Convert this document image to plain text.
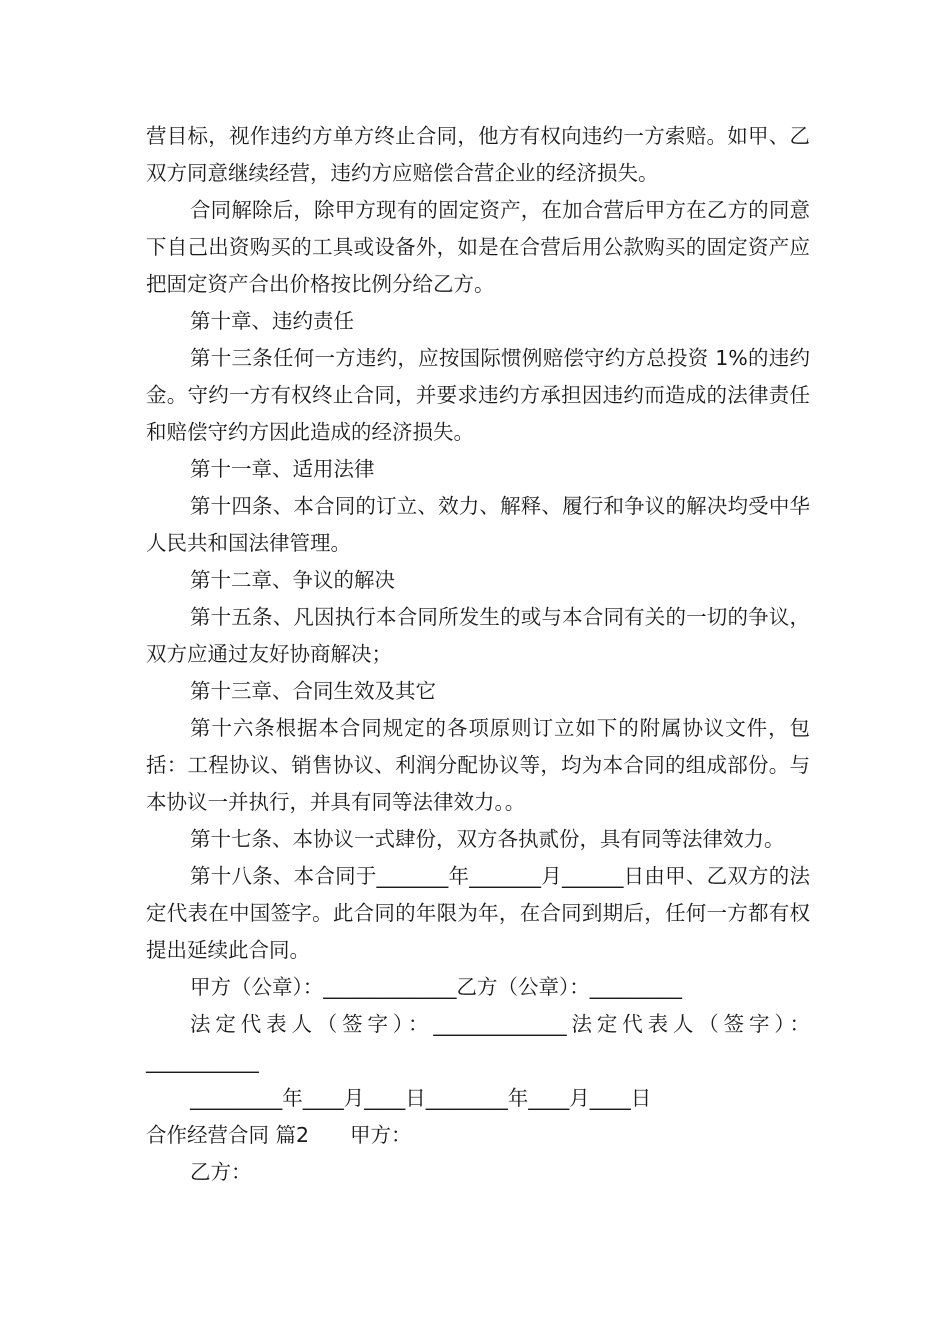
营目标，视作违约方单方终止合同，他方有权向违约一方索赔。如甲、乙双方同意继续经营，违约方应赔偿合营企业的经济损失。

合同解除后，除甲方现有的固定资产，在加合营后甲方在乙方的同意下自己出资购买的工具或设备外，如是在合营后用公款购买的固定资产应把固定资产合出价格按比例分给乙方。

第十章、违约责任

第十三条任何一方违约，应按国际惯例赔偿守约方总投资 1%的违约金。守约一方有权终止合同，并要求违约方承担因违约而造成的法律责任和赔偿守约方因此造成的经济损失。

第十一章、适用法律

第十四条、本合同的订立、效力、解释、履行和争议的解决均受中华人民共和国法律管理。

第十二章、争议的解决

第十五条、凡因执行本合同所发生的或与本合同有关的一切的争议，双方应通过友好协商解决；

第十三章、合同生效及其它

第十六条根据本合同规定的各项原则订立如下的附属协议文件，包括：工程协议、销售协议、利润分配协议等，均为本合同的组成部份。与本协议一并执行，并具有同等法律效力。。

第十七条、本协议一式肆份，双方各执贰份，具有同等法律效力。

第十八条、本合同于_______年_______月______日由甲、乙双方的法定代表在中国签字。此合同的年限为年，在合同到期后，任何一方都有权提出延续此合同。

甲方（公章）：_____________乙方（公章）：_________

法定代表人（签字）：_____________法定代表人（签字）：___________

_________年____月____日________年____月____日

合作经营合同 篇2　　甲方：

乙方：
